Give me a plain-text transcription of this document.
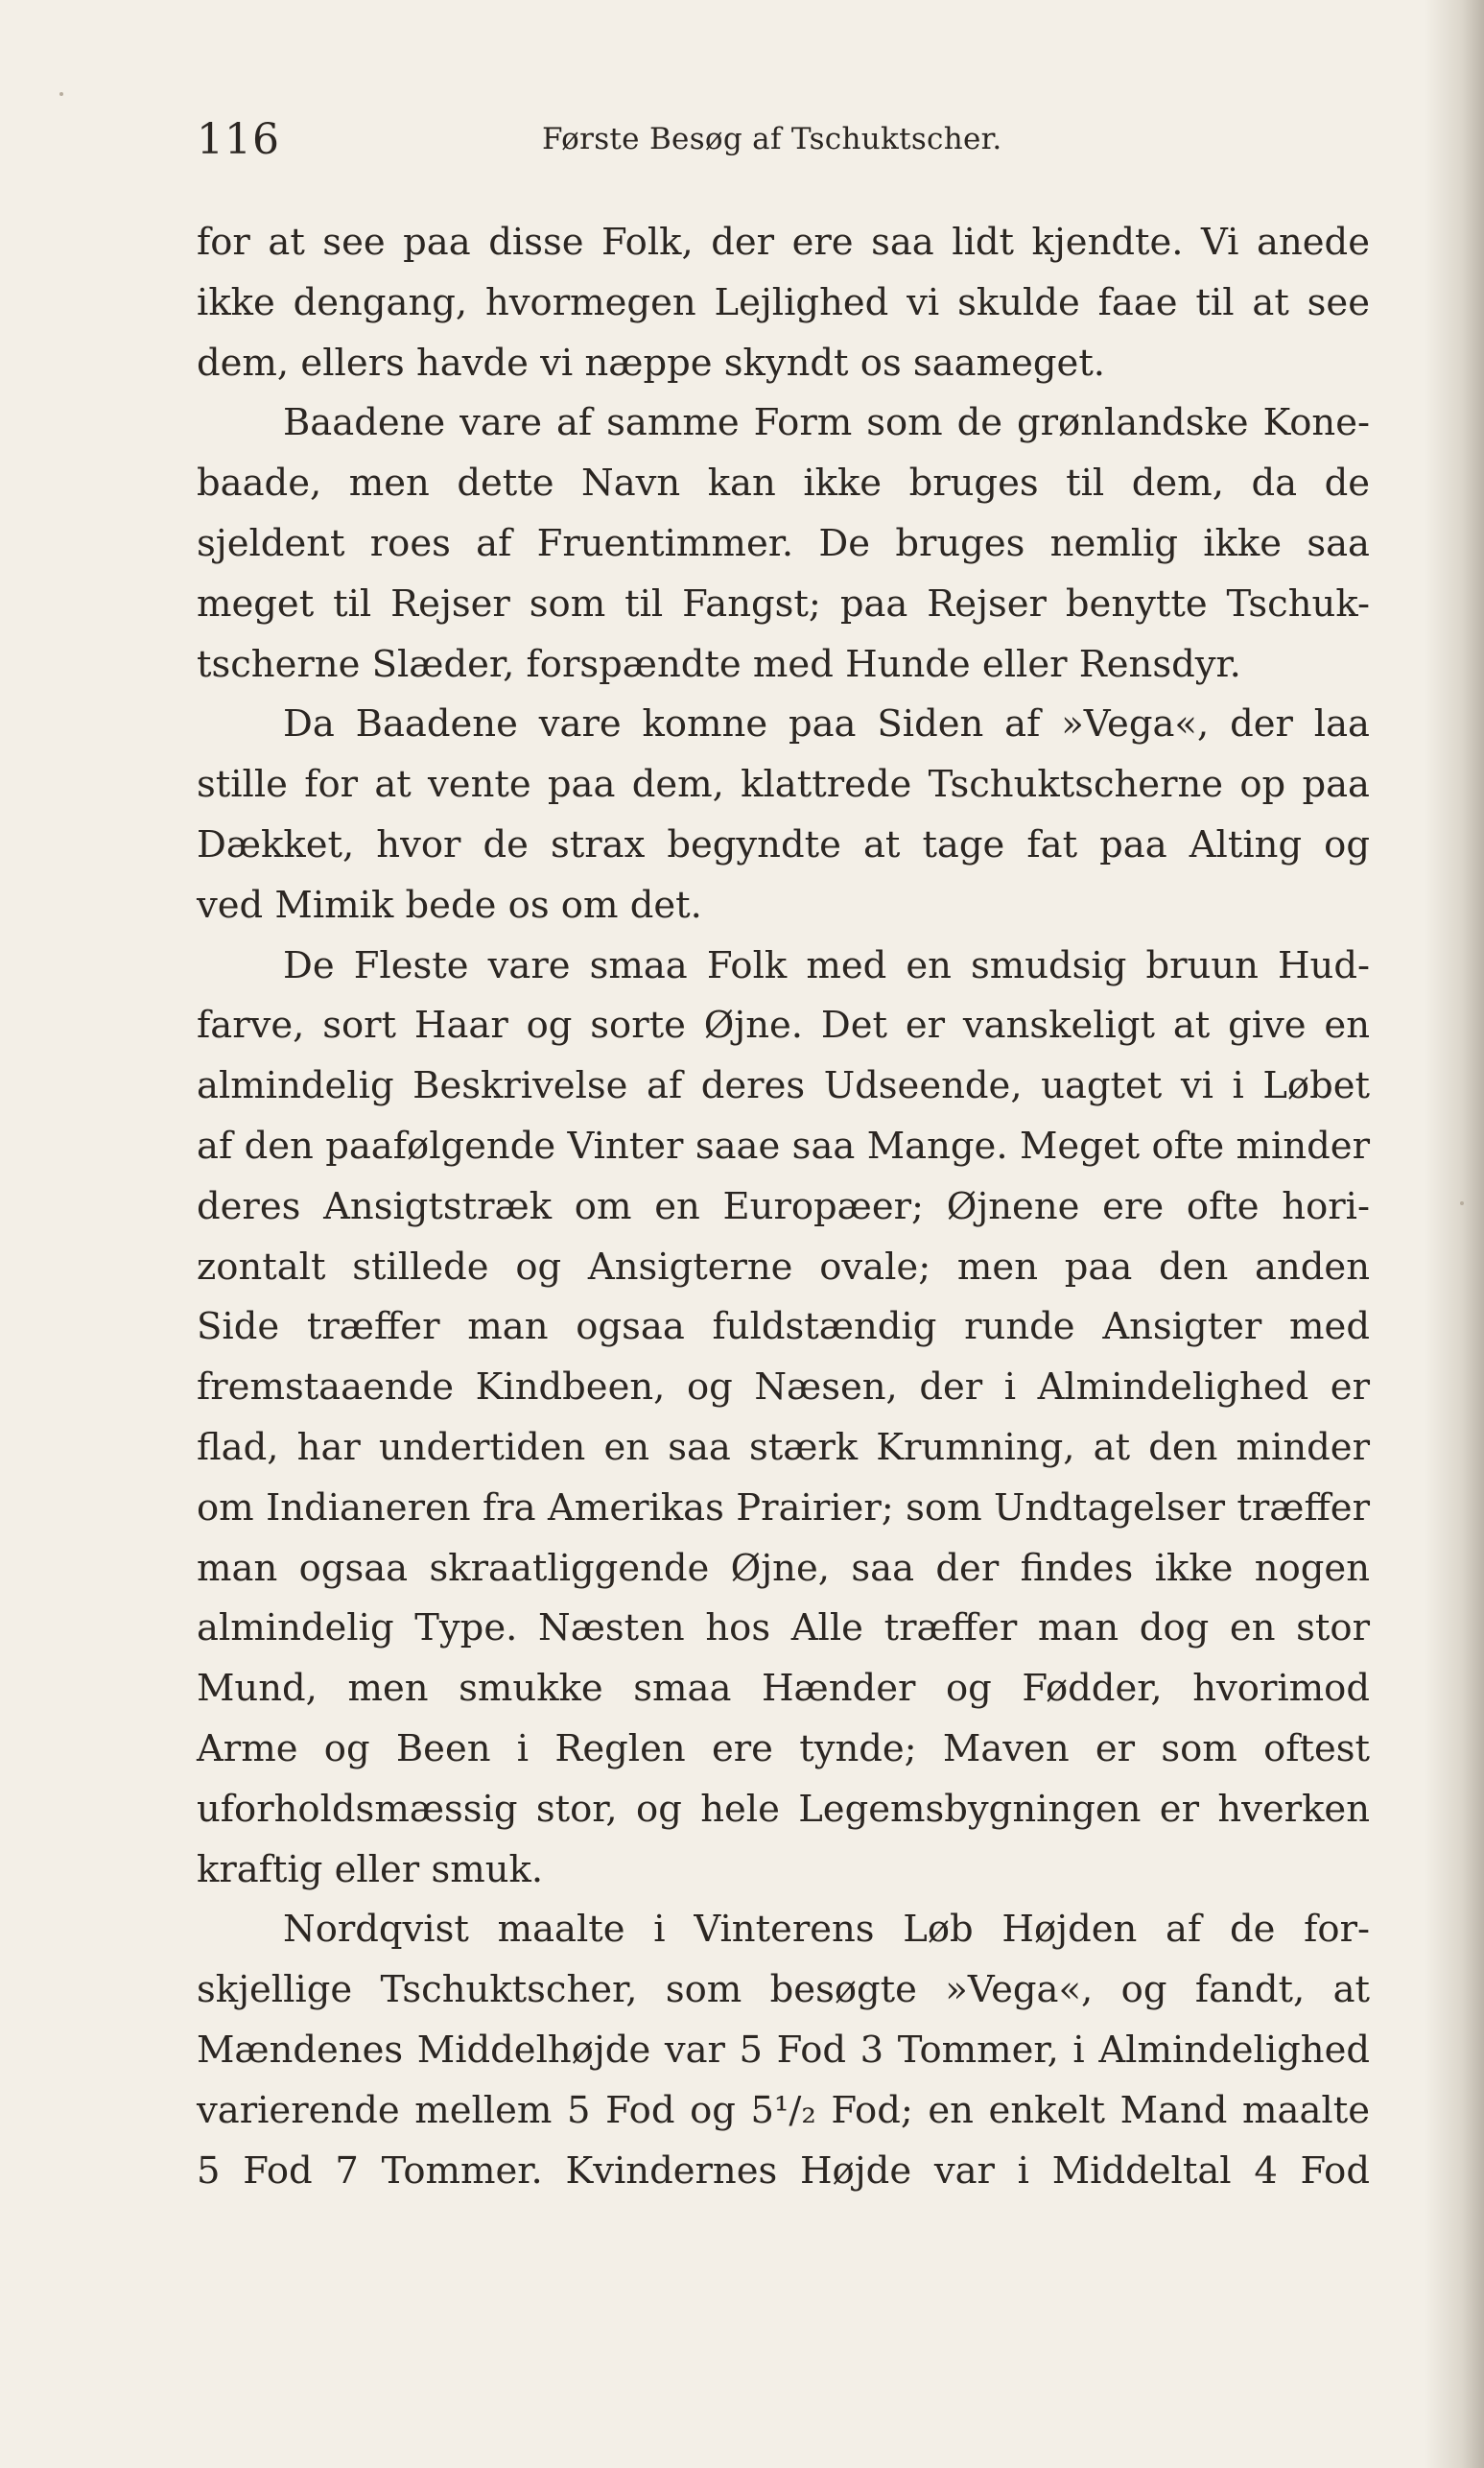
116	Første Besøg af Tschuktscher.
for at see paa disse Folk, der ere saa lidt kjendte. Vi anede
ikke dengang, hvormegen Lejlighed vi skulde faae til at see
dem, ellers havde vi næppe skyndt os saameget.
Baadene vare af samme Form som de grønlandske Kone-
baade, men dette Navn kan ikke bruges til dem, da de
sjeldent roes af Fruentimmer. De bruges nemlig ikke saa
meget til Rejser som til Fangst; paa Rejser benytte Tschuk-
tscherne Slæder, forspændte med Hunde eller Rensdyr.
Da Baadene vare komne paa Siden af »Vega«, der laa
stille for at vente paa dem, klattrede Tschuktscherne op paa
Dækket, hvor de strax begyndte at tage fat paa Alting og
ved Mimik bede os om det.
De Fleste vare smaa Folk med en smudsig bruun Hud-
farve, sort Haar og sorte Øjne. Det er vanskeligt at give en
almindelig Beskrivelse af deres Udseende, uagtet vi i Løbet
af den paafølgende Vinter saae saa Mange. Meget ofte minder
deres Ansigtstræk om en Europæer; Øjnene ere ofte hori-
zontalt stillede og Ansigterne ovale; men paa den anden
Side træffer man ogsaa fuldstændig runde Ansigter med
fremstaaende Kindbeen, og Næsen, der i Almindelighed er
flad, har undertiden en saa stærk Krumning, at den minder
om Indianeren fra Amerikas Prairier; som Undtagelser træffer
man ogsaa skraatliggende Øjne, saa der findes ikke nogen
almindelig Type. Næsten hos Alle træffer man dog en stor
Mund, men smukke smaa Hænder og Fødder, hvorimod
Arme og Been i Reglen ere tynde; Maven er som oftest
uforholdsmæssig stor, og hele Legemsbygningen er hverken
kraftig eller smuk.
Nordqvist maalte i Vinterens Løb Højden af de for-
skjellige Tschuktscher, som besøgte »Vega«, og fandt, at
Mændenes Middelhøjde var 5 Fod 3 Tommer, i Almindelighed
varierende mellem 5 Fod og 5¹/₂ Fod; en enkelt Mand maalte
5 Fod 7 Tommer. Kvindernes Højde var i Middeltal 4 Fod
